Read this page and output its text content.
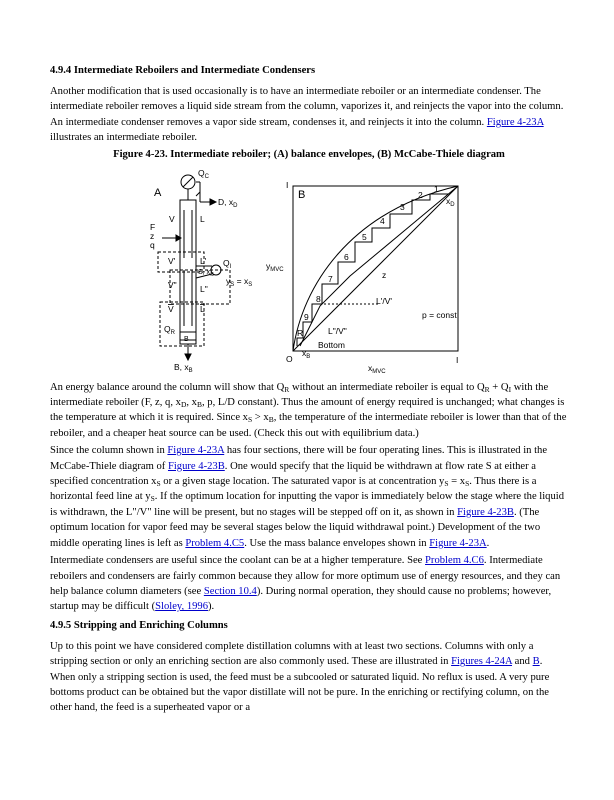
4.9.4 Intermediate Reboilers and Intermediate Condensers

Another modification that is used occasionally is to have an intermediate reboiler or an intermediate condenser. The intermediate reboiler removes a liquid side stream from the column, vaporizes it, and reinjects the vapor into the column. An intermediate condenser removes a vapor side stream, condenses it, and reinjects it into the column. Figure 4-23A illustrates an intermediate reboiler.

Figure 4-23. Intermediate reboiler; (A) balance envelopes, (B) McCabe-Thiele diagram
A
$Q_C$
D, $x_D$
F
z
q
V	L
V'	L'
V"	L"
V	L
S, $x_S$
$Q_I$
$y_S = x_S$
$Q_R$
B
B, $x_B$
B
I
I
O
$y_{MVC}$
$x_{MVC}$
$x_D$
$x_B$
z
L'/V'
L"/V"
Bottom
p = const
1
2
3
4
5
6
7
8
9
R

An energy balance around the column will show that $Q_R$ without an intermediate reboiler is equal to $Q_R + Q_I$ with the intermediate reboiler (F, z, q, $x_D$, $x_B$, p, L/D constant). Thus the amount of energy required is unchanged; what changes is the temperature at which it is required. Since $x_S > x_B$, the temperature of the intermediate reboiler is lower than that of the reboiler, and a cheaper heat source can be used. (Check this out with equilibrium data.)

Since the column shown in Figure 4-23A has four sections, there will be four operating lines. This is illustrated in the McCabe-Thiele diagram of Figure 4-23B. One would specify that the liquid be withdrawn at flow rate S at either a specified concentration $x_S$ or a given stage location. The saturated vapor is at concentration $y_S = x_S$. Thus there is a horizontal feed line at $y_S$. If the optimum location for inputting the vapor is immediately below the stage where the liquid is withdrawn, the L"/V" line will be present, but no stages will be stepped off on it, as shown in Figure 4-23B. (The optimum location for vapor feed may be several stages below the liquid withdrawal point.) Development of the two middle operating lines is left as Problem 4.C5. Use the mass balance envelopes shown in Figure 4-23A.

Intermediate condensers are useful since the coolant can be at a higher temperature. See Problem 4.C6. Intermediate reboilers and condensers are fairly common because they allow for more optimum use of energy resources, and they can help balance column diameters (see Section 10.4). During normal operation, they should cause no problems; however, startup may be difficult (Sloley, 1996).

4.9.5 Stripping and Enriching Columns

Up to this point we have considered complete distillation columns with at least two sections. Columns with only a stripping section or only an enriching section are also commonly used. These are illustrated in Figures 4-24A and B. When only a stripping section is used, the feed must be a subcooled or saturated liquid. No reflux is used. A very pure bottoms product can be obtained but the vapor distillate will not be pure. In the enriching or rectifying column, on the other hand, the feed is a superheated vapor or a
